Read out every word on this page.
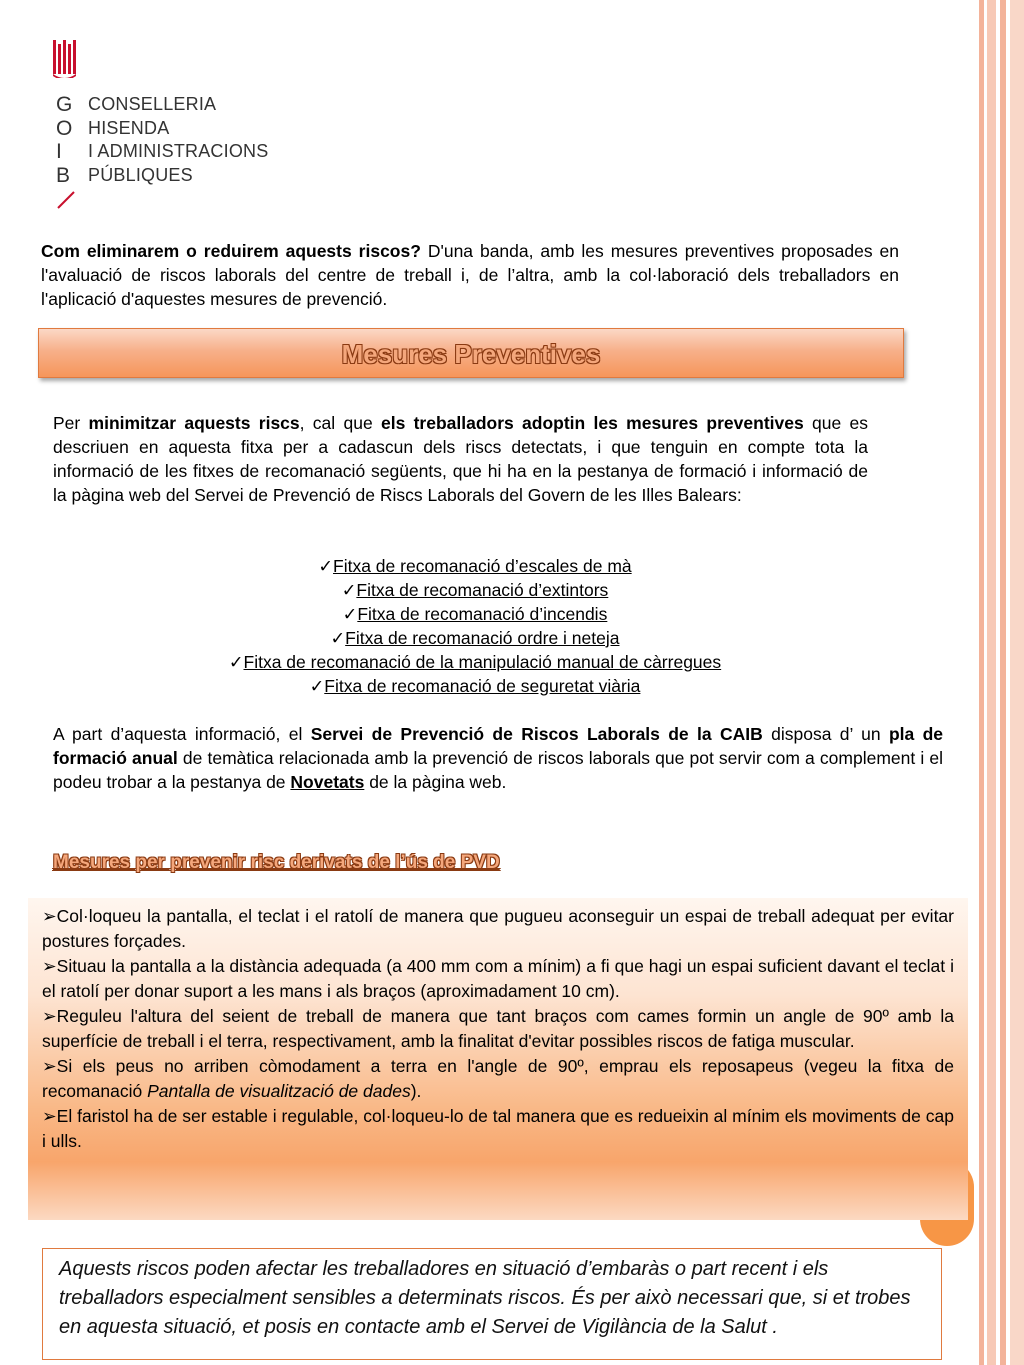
G
O
I
B
CONSELLERIA
HISENDA
I ADMINISTRACIONS
PÚBLIQUES

Com eliminarem o reduirem aquests riscos? D'una banda, amb les mesures preventives proposades en l'avaluació de riscos laborals del centre de treball i, de l’altra, amb la col·laboració dels treballadors en l'aplicació d'aquestes mesures de prevenció.

Mesures Preventives

Per minimitzar aquests riscs, cal que els treballadors adoptin les mesures preventives que es descriuen en aquesta fitxa per a cadascun dels riscs detectats, i que tenguin en compte tota la informació de les fitxes de recomanació següents, que hi ha en la pestanya de formació i informació de la pàgina web del Servei de Prevenció de Riscs Laborals del Govern de les Illes Balears:

✓Fitxa de recomanació d’escales de mà
✓Fitxa de recomanació d’extintors
✓Fitxa de recomanació d’incendis
✓Fitxa de recomanació ordre i neteja
✓Fitxa de recomanació de la manipulació manual de càrregues
✓Fitxa de recomanació de seguretat viària

A part d’aquesta informació, el Servei de Prevenció de Riscos Laborals de la CAIB disposa d’ un pla de formació anual de temàtica relacionada amb la prevenció de riscos laborals que pot servir com a complement i el podeu trobar a la pestanya de Novetats de la pàgina web.

Mesures per prevenir risc derivats de l’ús de PVD
➢Col·loqueu la pantalla, el teclat i el ratolí de manera que pugueu aconseguir un espai de treball adequat per evitar postures forçades.
➢Situau la pantalla a la distància adequada (a 400 mm com a mínim) a fi que hagi un espai suficient davant el teclat i el ratolí per donar suport a les mans i als braços (aproximadament 10 cm).
➢Reguleu l'altura del seient de treball de manera que tant braços com cames formin un angle de 90º amb la superfície de treball i el terra, respectivament, amb la finalitat d'evitar possibles riscos de fatiga muscular.
➢Si els peus no arriben còmodament a terra en l'angle de 90º, emprau els reposapeus (vegeu la fitxa de recomanació Pantalla de visualització de dades).
➢El faristol ha de ser estable i regulable, col·loqueu-lo de tal manera que es redueixin al mínim els moviments de cap i ulls.

Aquests riscos poden afectar les treballadores en situació d’embaràs o part recent i els treballadors especialment sensibles a determinats riscos. És per això necessari que, si et trobes en aquesta situació, et posis en contacte amb el Servei de Vigilància de la Salut .
